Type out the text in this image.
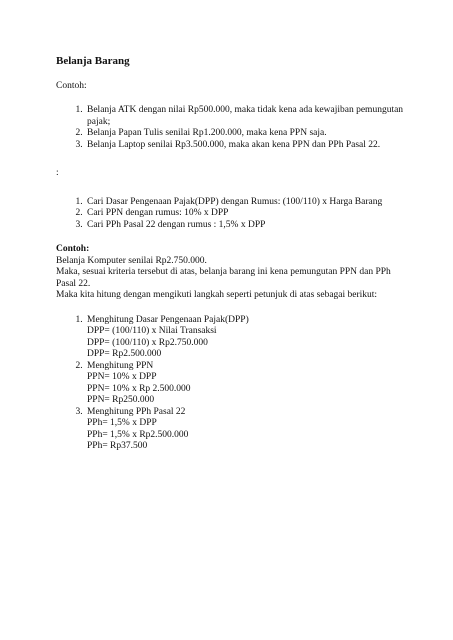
Belanja Barang

Contoh:

1. Belanja ATK dengan nilai Rp500.000, maka tidak kena ada kewajiban pemungutan pajak;
2. Belanja Papan Tulis senilai Rp1.200.000, maka kena PPN saja.
3. Belanja Laptop senilai Rp3.500.000, maka akan kena PPN dan PPh Pasal 22.

:

1. Cari Dasar Pengenaan Pajak(DPP) dengan Rumus: (100/110) x Harga Barang
2. Cari PPN dengan rumus: 10% x DPP
3. Cari PPh Pasal 22 dengan rumus : 1,5% x DPP

Contoh:

Belanja Komputer senilai Rp2.750.000.

Maka, sesuai kriteria tersebut di atas, belanja barang ini kena pemungutan PPN dan PPh Pasal 22.

Maka kita hitung dengan mengikuti langkah seperti petunjuk di atas sebagai berikut:

1. Menghitung Dasar Pengenaan Pajak(DPP)
DPP= (100/110) x Nilai Transaksi
DPP= (100/110) x Rp2.750.000
DPP= Rp2.500.000
2. Menghitung PPN
PPN= 10% x DPP
PPN= 10% x Rp 2.500.000
PPN= Rp250.000
3. Menghitung PPh Pasal 22
PPh= 1,5% x DPP
PPh= 1,5% x Rp2.500.000
PPh= Rp37.500
